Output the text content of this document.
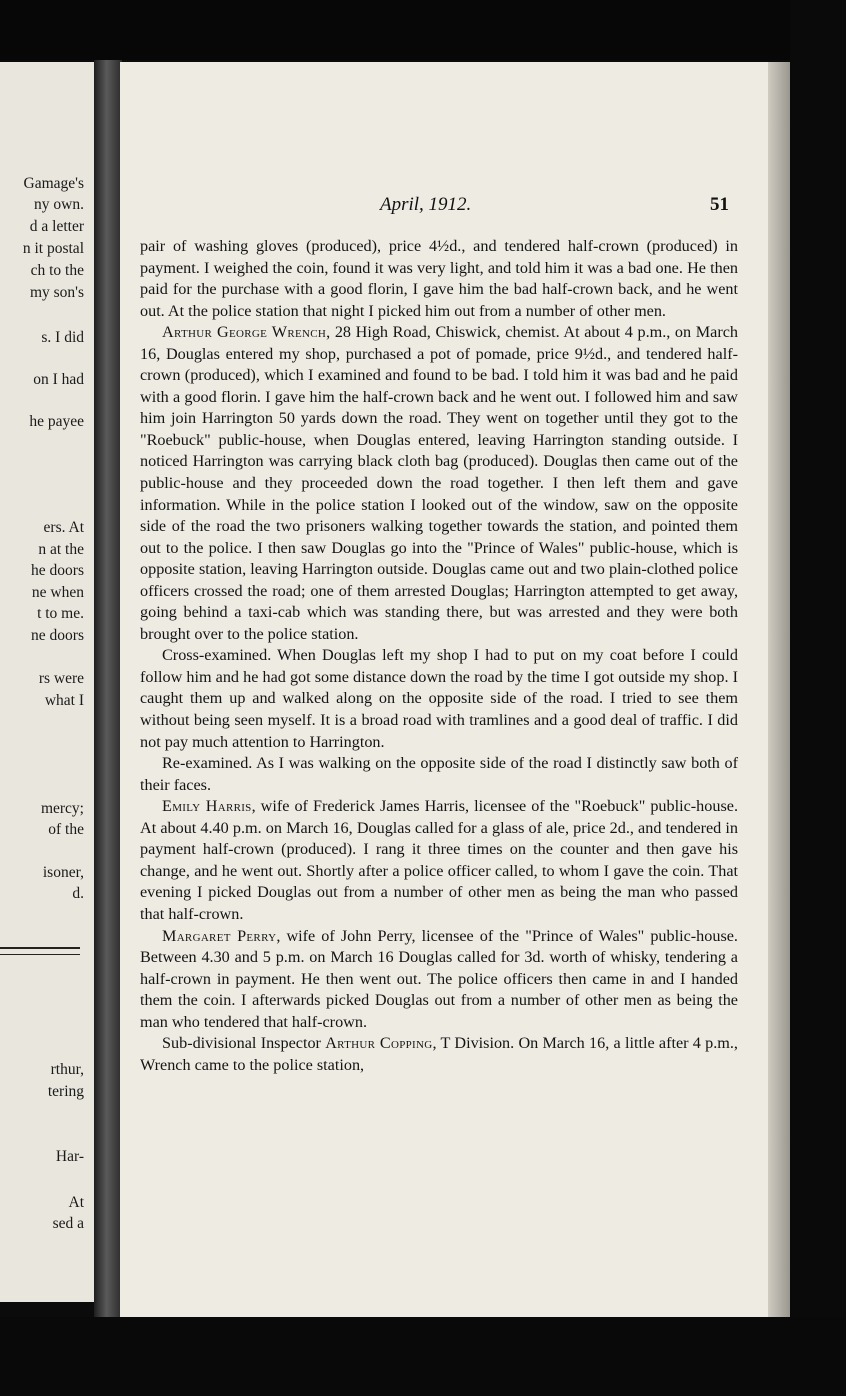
Gamage's
ny own.
d a letter
n it postal
ch to the
my son's
s. I did
on I had
he payee
ers. At
n at the
he doors
ne when
t to me.
ne doors
rs were
what I
mercy;
of the
isoner,
d.
rthur,
tering
Har-
At
sed a
April, 1912.	51

pair of washing gloves (produced), price 4½d., and tendered half-crown (produced) in payment. I weighed the coin, found it was very light, and told him it was a bad one. He then paid for the purchase with a good florin, I gave him the bad half-crown back, and he went out. At the police station that night I picked him out from a number of other men.

Arthur George Wrench, 28 High Road, Chiswick, chemist. At about 4 p.m., on March 16, Douglas entered my shop, purchased a pot of pomade, price 9½d., and tendered half-crown (produced), which I examined and found to be bad. I told him it was bad and he paid with a good florin. I gave him the half-crown back and he went out. I followed him and saw him join Harrington 50 yards down the road. They went on together until they got to the "Roebuck" public-house, when Douglas entered, leaving Harrington standing outside. I noticed Harrington was carrying black cloth bag (produced). Douglas then came out of the public-house and they proceeded down the road together. I then left them and gave information. While in the police station I looked out of the window, saw on the opposite side of the road the two prisoners walking together towards the station, and pointed them out to the police. I then saw Douglas go into the "Prince of Wales" public-house, which is opposite station, leaving Harrington outside. Douglas came out and two plain-clothed police officers crossed the road; one of them arrested Douglas; Harrington attempted to get away, going behind a taxi-cab which was standing there, but was arrested and they were both brought over to the police station.

Cross-examined. When Douglas left my shop I had to put on my coat before I could follow him and he had got some distance down the road by the time I got outside my shop. I caught them up and walked along on the opposite side of the road. I tried to see them without being seen myself. It is a broad road with tramlines and a good deal of traffic. I did not pay much attention to Harrington.

Re-examined. As I was walking on the opposite side of the road I distinctly saw both of their faces.

Emily Harris, wife of Frederick James Harris, licensee of the "Roebuck" public-house. At about 4.40 p.m. on March 16, Douglas called for a glass of ale, price 2d., and tendered in payment half-crown (produced). I rang it three times on the counter and then gave his change, and he went out. Shortly after a police officer called, to whom I gave the coin. That evening I picked Douglas out from a number of other men as being the man who passed that half-crown.

Margaret Perry, wife of John Perry, licensee of the "Prince of Wales" public-house. Between 4.30 and 5 p.m. on March 16 Douglas called for 3d. worth of whisky, tendering a half-crown in payment. He then went out. The police officers then came in and I handed them the coin. I afterwards picked Douglas out from a number of other men as being the man who tendered that half-crown.

Sub-divisional Inspector Arthur Copping, T Division. On March 16, a little after 4 p.m., Wrench came to the police station,
